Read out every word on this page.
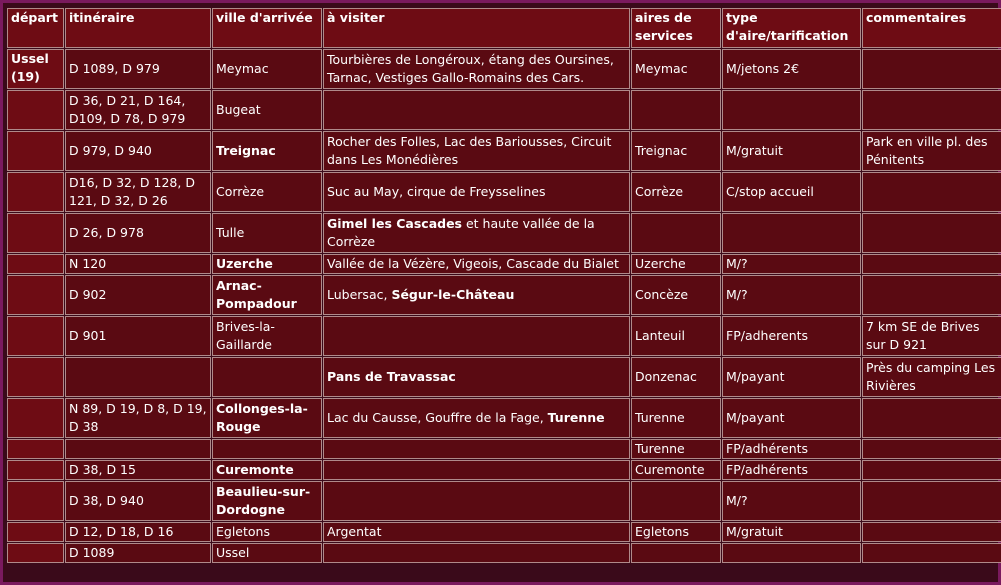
départ	itinéraire	ville d'arrivée	à visiter	aires de services	type d'aire/tarification	commentaires
Ussel (19)	D 1089, D 979	Meymac	Tourbières de Longéroux, étang des Oursines, Tarnac, Vestiges Gallo-Romains des Cars.	Meymac	M/jetons 2€	
	D 36, D 21, D 164, D109, D 78, D 979	Bugeat				
	D 979, D 940	Treignac	Rocher des Folles, Lac des Bariousses, Circuit dans Les Monédières	Treignac	M/gratuit	Park en ville pl. des Pénitents
	D16, D 32, D 128, D 121, D 32, D 26	Corrèze	Suc au May, cirque de Freysselines	Corrèze	C/stop accueil	
	D 26, D 978	Tulle	Gimel les Cascades et haute vallée de la Corrèze			
	N 120	Uzerche	Vallée de la Vézère, Vigeois, Cascade du Bialet	Uzerche	M/?	
	D 902	Arnac-Pompadour	Lubersac, Ségur-le-Château	Concèze	M/?	
	D 901	Brives-la-Gaillarde		Lanteuil	FP/adherents	7 km SE de Brives sur D 921
			Pans de Travassac	Donzenac	M/payant	Près du camping Les Rivières
	N 89, D 19, D 8, D 19, D 38	Collonges-la-Rouge	Lac du Causse, Gouffre de la Fage, Turenne	Turenne	M/payant	
				Turenne	FP/adhérents	
	D 38, D 15	Curemonte		Curemonte	FP/adhérents	
	D 38, D 940	Beaulieu-sur-Dordogne			M/?	
	D 12, D 18, D 16	Egletons	Argentat	Egletons	M/gratuit	
	D 1089	Ussel				
